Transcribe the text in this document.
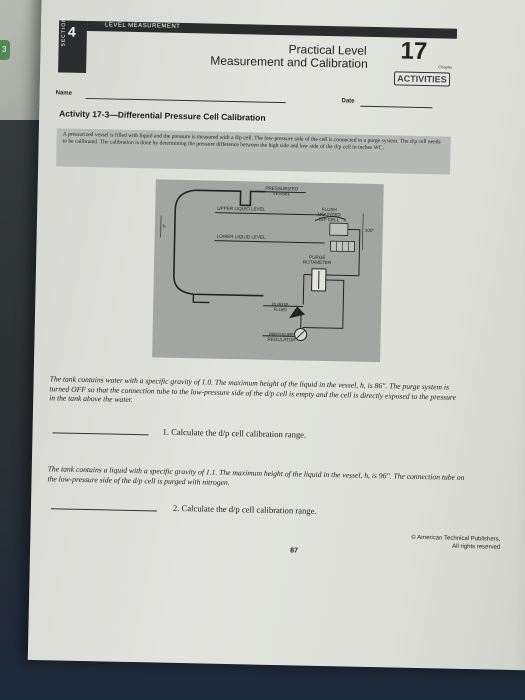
3
4
SECTION	LEVEL MEASUREMENT
Practical Level
Measurement and Calibration 17
Chapter
ACTIVITIES
Name
Date
Activity 17-3—Differential Pressure Cell Calibration
A pressurized vessel is filled with liquid and the pressure is measured with a d/p cell. The low-pressure side of the cell is connected to a purge system. The d/p cell needs to be calibrated. The calibration is done by determining the pressure difference between the high side and low side of the d/p cell in inches WC.
PRESSURIZED VESSEL
UPPER LIQUID LEVEL
LOWER LIQUID LEVEL
h
FLUSH MOUNTED D/P CELL
100"
PURGE ROTAMETER
PURGE FLUID
PRESSURE REGULATOR
The tank contains water with a specific gravity of 1.0. The maximum height of the liquid in the vessel, h, is 86". The purge system is turned OFF so that the connection tube to the low-pressure side of the d/p cell is empty and the cell is directly exposed to the pressure in the tank above the water.
1. Calculate the d/p cell calibration range.
The tank contains a liquid with a specific gravity of 1.1. The maximum height of the liquid in the vessel, h, is 96". The connection tube on the low-pressure side of the d/p cell is purged with nitrogen.
2. Calculate the d/p cell calibration range.
© American Technical Publishers,
All rights reserved
87
